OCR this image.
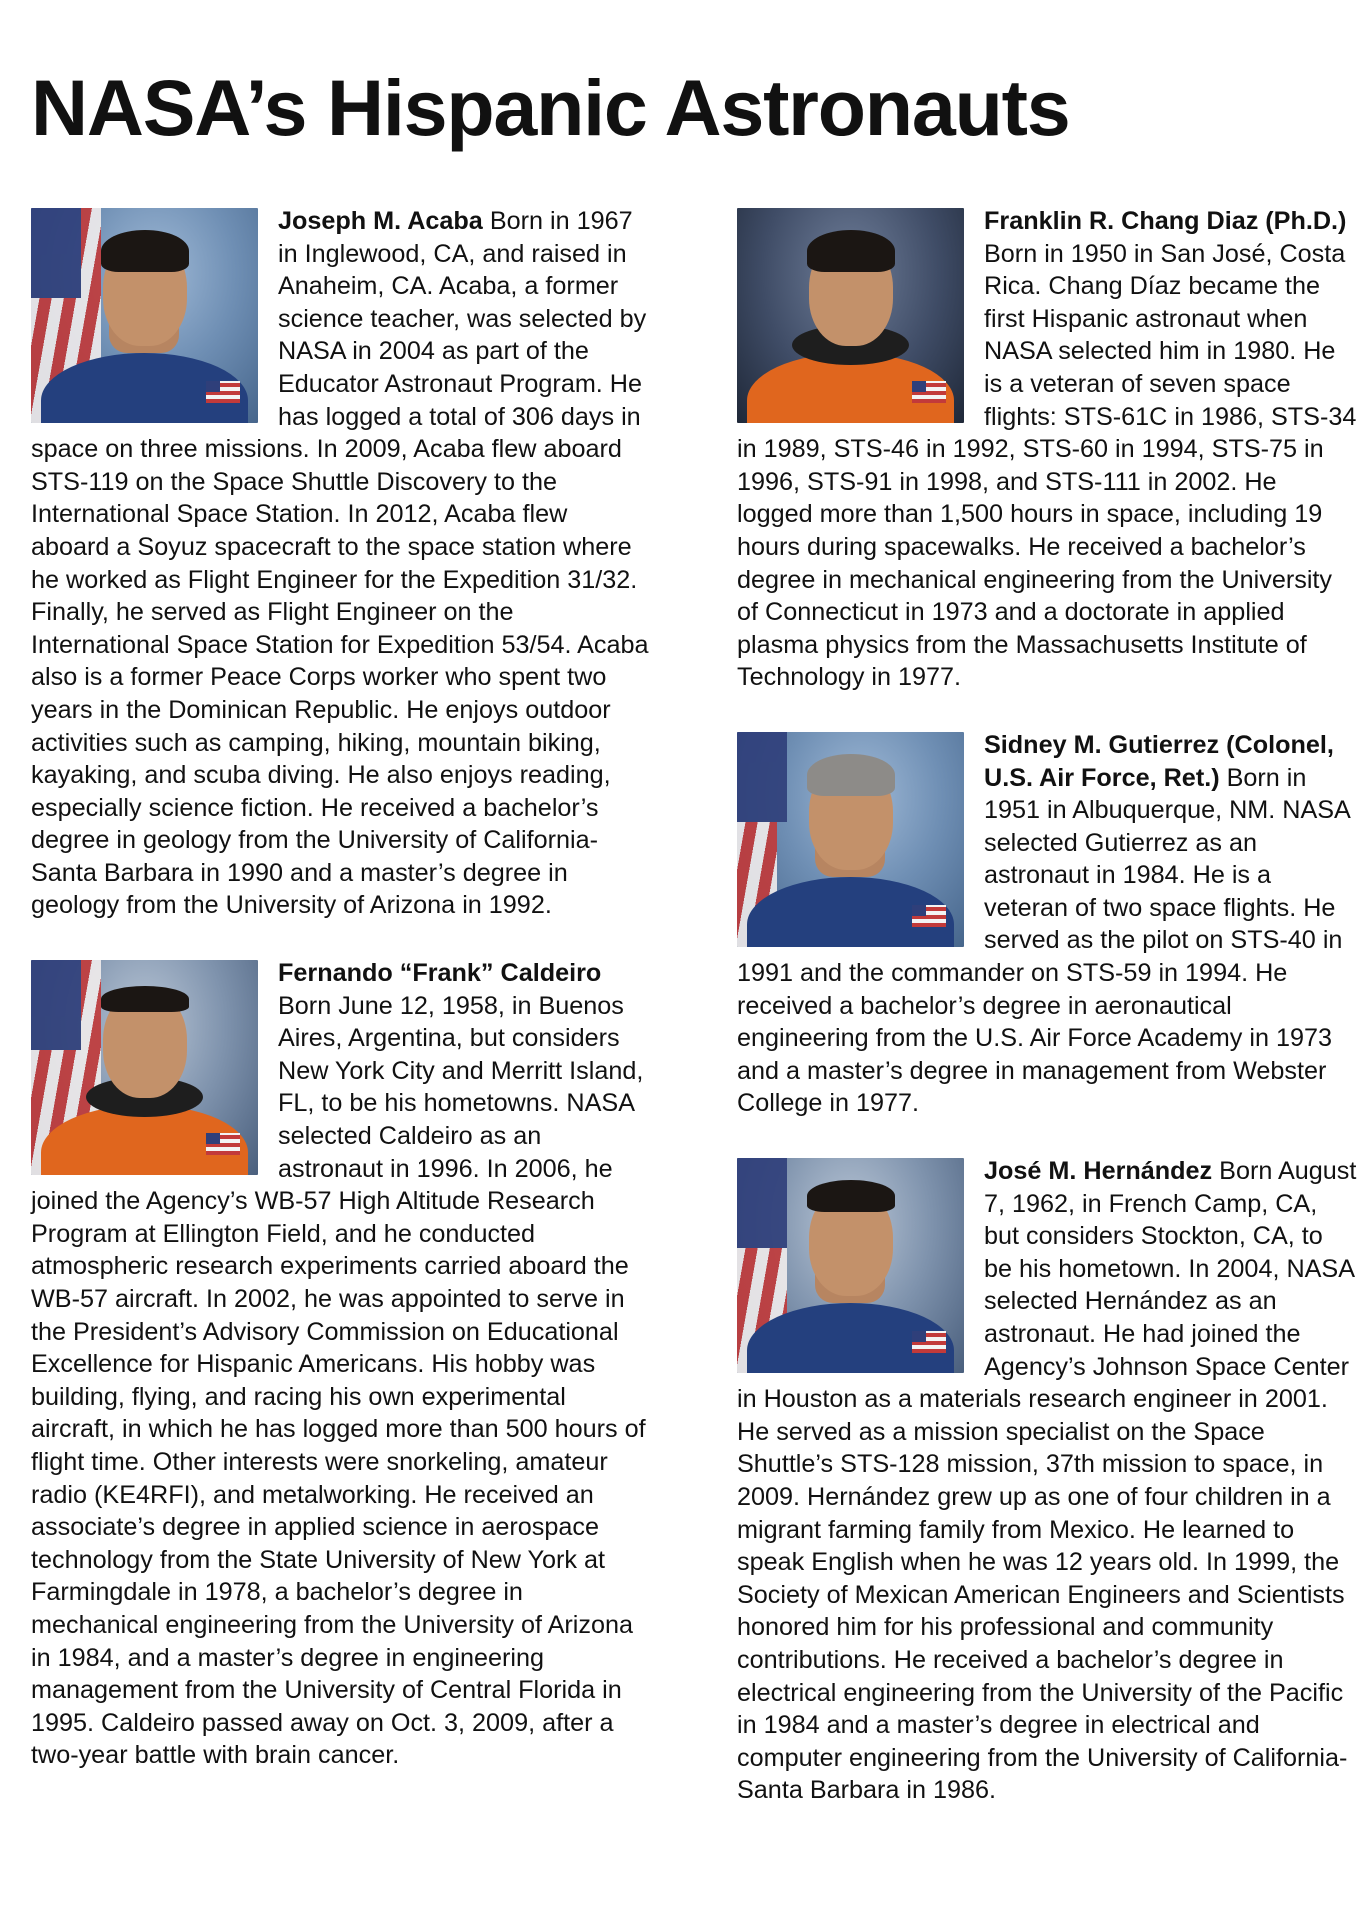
NASA’s Hispanic Astronauts
Joseph M. Acaba Born in 1967 in Inglewood, CA, and raised in Anaheim, CA. Acaba, a former science teacher, was selected by NASA in 2004 as part of the Educator Astronaut Program. He has logged a total of 306 days in space on three missions. In 2009, Acaba flew aboard STS-119 on the Space Shuttle Discovery to the International Space Station. In 2012, Acaba flew aboard a Soyuz spacecraft to the space station where he worked as Flight Engineer for the Expedition 31/32. Finally, he served as Flight Engineer on the International Space Station for Expedition 53/54. Acaba also is a former Peace Corps worker who spent two years in the Dominican Republic. He enjoys outdoor activities such as camping, hiking, mountain biking, kayaking, and scuba diving. He also enjoys reading, especially science fiction. He received a bachelor’s degree in geology from the University of California-Santa Barbara in 1990 and a master’s degree in geology from the University of Arizona in 1992.
Fernando “Frank” Caldeiro Born June 12, 1958, in Buenos Aires, Argentina, but considers New York City and Merritt Island, FL, to be his hometowns. NASA selected Caldeiro as an astronaut in 1996. In 2006, he joined the Agency’s WB-57 High Altitude Research Program at Ellington Field, and he conducted atmospheric research experiments carried aboard the WB-57 aircraft. In 2002, he was appointed to serve in the President’s Advisory Commission on Educational Excellence for Hispanic Americans. His hobby was building, flying, and racing his own experimental aircraft, in which he has logged more than 500 hours of flight time. Other interests were snorkeling, amateur radio (KE4RFI), and metalworking. He received an associate’s degree in applied science in aerospace technology from the State University of New York at Farmingdale in 1978, a bachelor’s degree in mechanical engineering from the University of Arizona in 1984, and a master’s degree in engineering management from the University of Central Florida in 1995. Caldeiro passed away on Oct. 3, 2009, after a two-year battle with brain cancer.
Franklin R. Chang Diaz (Ph.D.) Born in 1950 in San José, Costa Rica. Chang Díaz became the first Hispanic astronaut when NASA selected him in 1980. He is a veteran of seven space flights: STS-61C in 1986, STS-34 in 1989, STS-46 in 1992, STS-60 in 1994, STS-75 in 1996, STS-91 in 1998, and STS-111 in 2002. He logged more than 1,500 hours in space, including 19 hours during spacewalks. He received a bachelor’s degree in mechanical engineering from the University of Connecticut in 1973 and a doctorate in applied plasma physics from the Massachusetts Institute of Technology in 1977.
Sidney M. Gutierrez (Colonel, U.S. Air Force, Ret.) Born in 1951 in Albuquerque, NM. NASA selected Gutierrez as an astronaut in 1984. He is a veteran of two space flights. He served as the pilot on STS-40 in 1991 and the commander on STS-59 in 1994. He received a bachelor’s degree in aeronautical engineering from the U.S. Air Force Academy in 1973 and a master’s degree in management from Webster College in 1977.
José M. Hernández Born August 7, 1962, in French Camp, CA, but considers Stockton, CA, to be his hometown. In 2004, NASA selected Hernández as an astronaut. He had joined the Agency’s Johnson Space Center in Houston as a materials research engineer in 2001. He served as a mission specialist on the Space Shuttle’s STS-128 mission, 37th mission to space, in 2009. Hernández grew up as one of four children in a migrant farming family from Mexico. He learned to speak English when he was 12 years old. In 1999, the Society of Mexican American Engineers and Scientists honored him for his professional and community contributions. He received a bachelor’s degree in electrical engineering from the University of the Pacific in 1984 and a master’s degree in electrical and computer engineering from the University of California-Santa Barbara in 1986.
